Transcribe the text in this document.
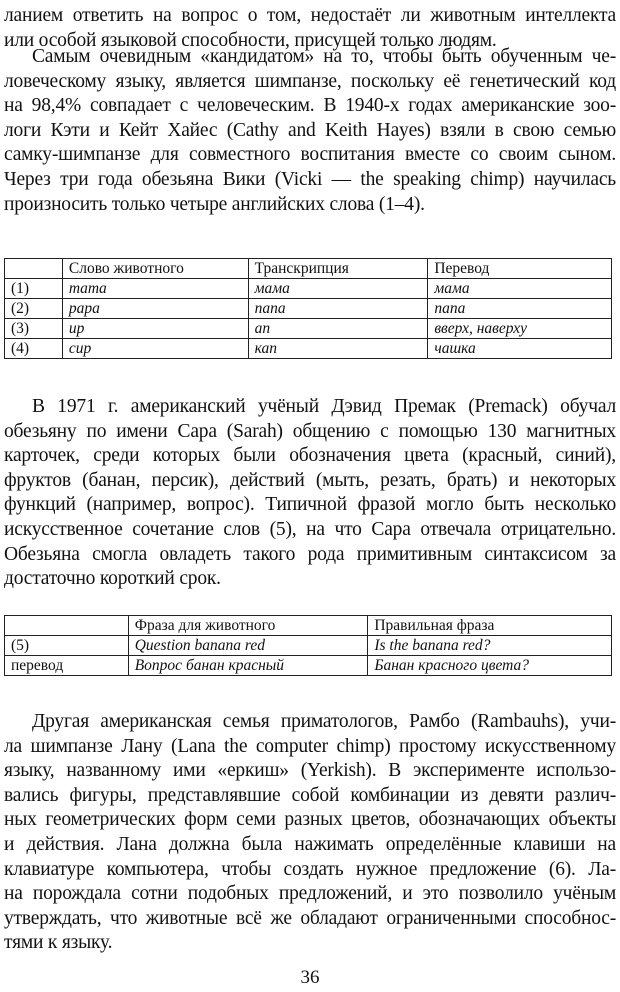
ланием ответить на вопрос о том, недостаёт ли животным интеллекта
или особой языковой способности, присущей только людям.
Самым очевидным «кандидатом» на то, чтобы быть обученным че-
ловеческому языку, является шимпанзе, поскольку её генетический код
на 98,4% совпадает с человеческим. В 1940-х годах американские зоо-
логи Кэти и Кейт Хайес (Cathy and Keith Hayes) взяли в свою семью
самку-шимпанзе для совместного воспитания вместе со своим сыном.
Через три года обезьяна Вики (Vicki — the speaking chimp) научилась
произносить только четыре английских слова (1–4).
	Слово животного	Транскрипция	Перевод
(1)	mama	мама	мама
(2)	papa	папа	папа
(3)	up	ап	вверх, наверху
(4)	cup	кап	чашка
В 1971 г. американский учёный Дэвид Премак (Premack) обучал
обезьяну по имени Сара (Sarah) общению с помощью 130 магнитных
карточек, среди которых были обозначения цвета (красный, синий),
фруктов (банан, персик), действий (мыть, резать, брать) и некоторых
функций (например, вопрос). Типичной фразой могло быть несколько
искусственное сочетание слов (5), на что Сара отвечала отрицательно.
Обезьяна смогла овладеть такого рода примитивным синтаксисом за
достаточно короткий срок.
	Фраза для животного	Правильная фраза
(5)	Question banana red	Is the banana red?
перевод	Вопрос банан красный	Банан красного цвета?
Другая американская семья приматологов, Рамбо (Rambauhs), учи-
ла шимпанзе Лану (Lana the computer chimp) простому искусственному
языку, названному ими «еркиш» (Yerkish). В эксперименте использо-
вались фигуры, представлявшие собой комбинации из девяти различ-
ных геометрических форм семи разных цветов, обозначающих объекты
и действия. Лана должна была нажимать определённые клавиши на
клавиатуре компьютера, чтобы создать нужное предложение (6). Ла-
на порождала сотни подобных предложений, и это позволило учёным
утверждать, что животные всё же обладают ограниченными способнос-
тями к языку.
36
